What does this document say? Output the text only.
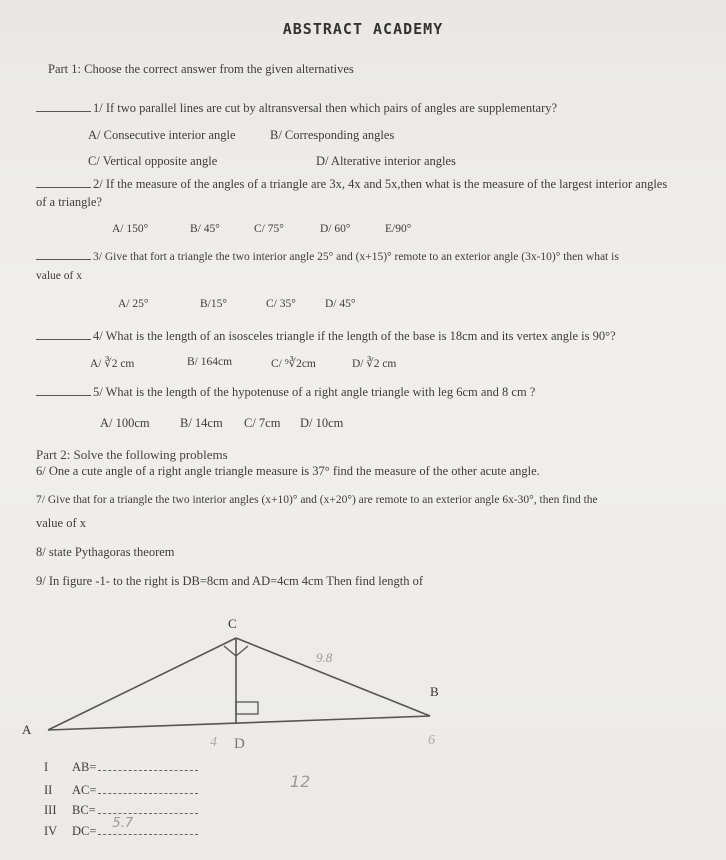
ABSTRACT ACADEMY
Part 1: Choose the correct answer from the given alternatives
1/ If two parallel lines are cut by altransversal then which pairs of angles are supplementary?
A/ Consecutive interior angle	B/ Corresponding angles
C/ Vertical opposite angle	D/ Alterative interior angles
2/ If the measure of the angles of a triangle are 3x, 4x and 5x,then what is the measure of the largest interior angles
of a triangle?
A/ 150°	B/ 45°	C/ 75°	D/ 60°	E/90°
3/ Give that fort a triangle the two interior angle 25° and (x+15)° remote to an exterior angle (3x-10)° then what is
value of x
A/ 25°	B/15°	C/ 35°	D/ 45°
4/ What is the length of an isosceles triangle if the length of the base is 18cm and its vertex angle is 90°?
A/ ∛2 cm	B/ 164cm	C/ ⁹∛2cm	D/ ∛2 cm
5/ What is the length of the hypotenuse of a right angle triangle with leg 6cm and 8 cm ?
A/ 100cm B/ 14cm C/ 7cm D/ 10cm
Part 2: Solve the following problems
6/ One a cute angle of a right angle triangle measure is 37° find the measure of the other acute angle.
7/ Give that for a triangle the two interior angles (x+10)° and (x+20°) are remote to an exterior angle 6x-30°, then find the
value of x
8/ state Pythagoras theorem
9/ In figure -1- to the right is DB=8cm and AD=4cm 4cm Then find length of
C
B
A
D
9.8
4	6
I AB=
II AC=
III BC=
IV DC= 5.7
12
